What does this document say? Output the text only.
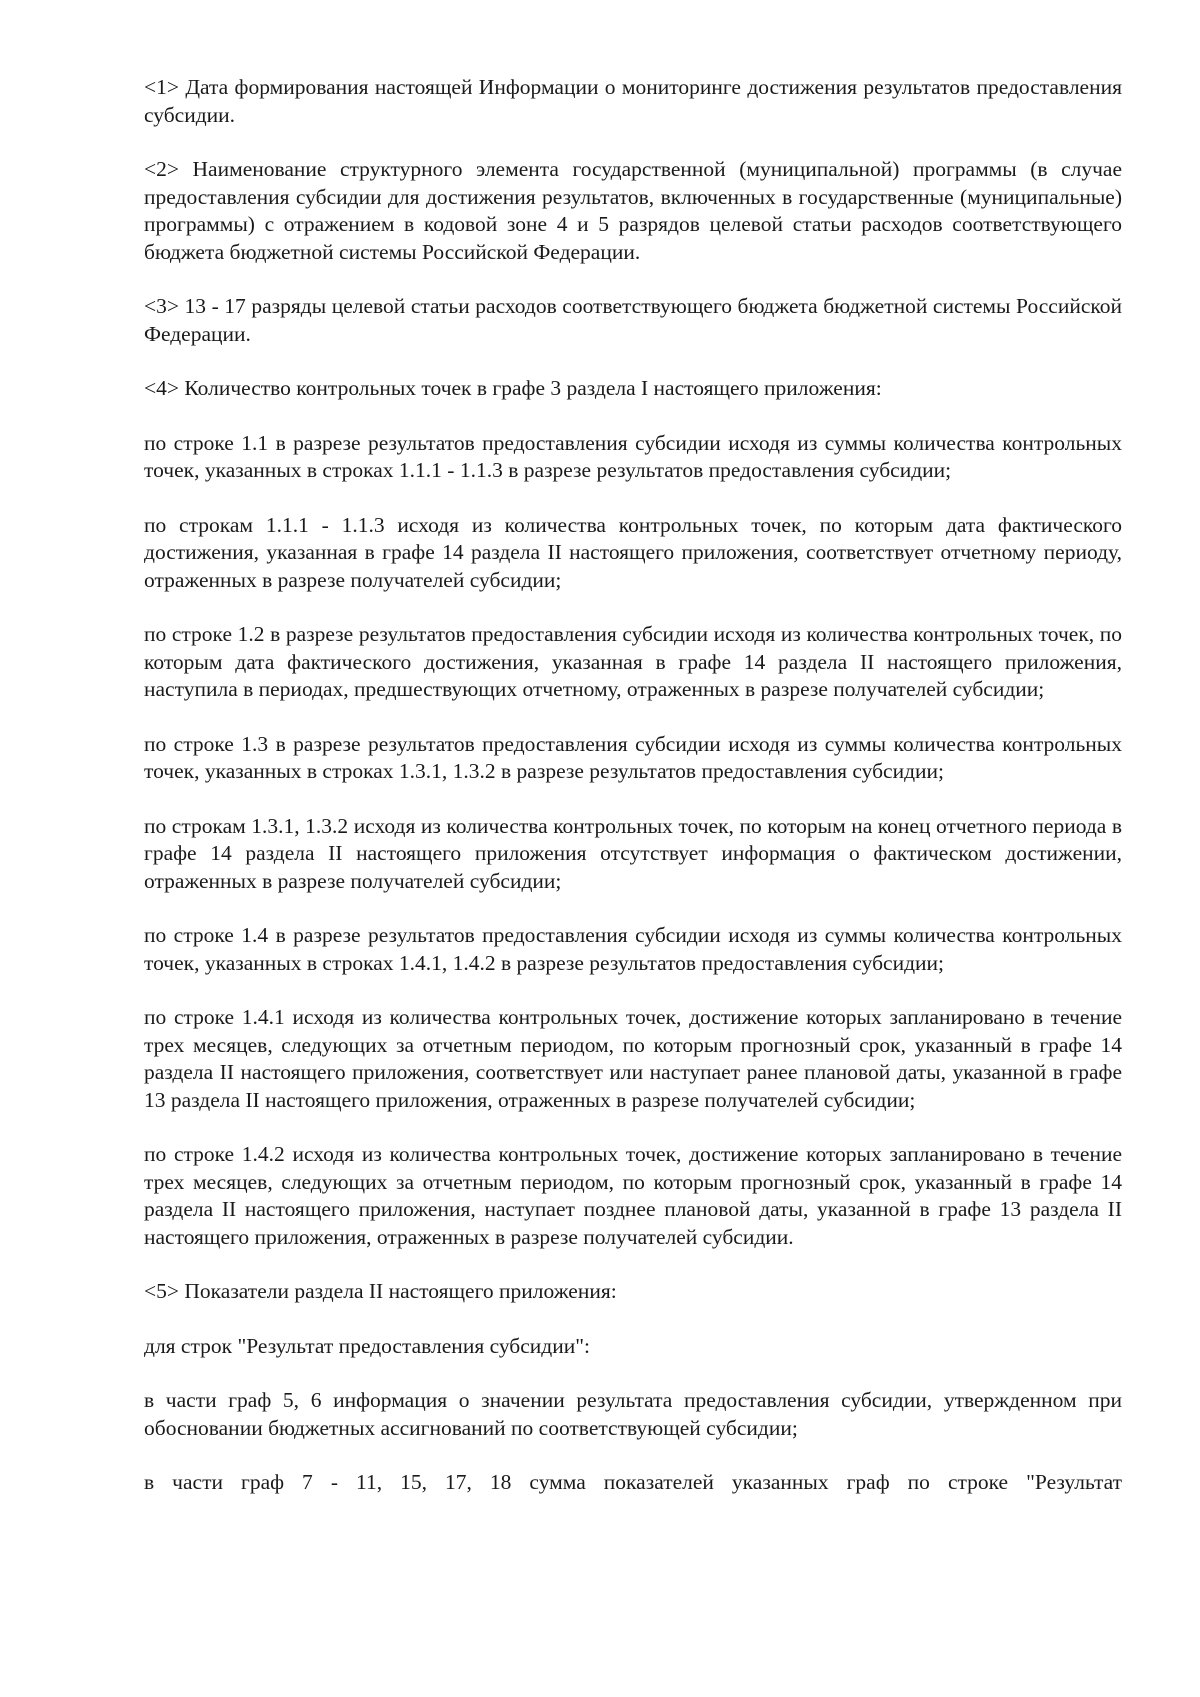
<1> Дата формирования настоящей Информации о мониторинге достижения результатов предоставления субсидии.

<2> Наименование структурного элемента государственной (муниципальной) программы (в случае предоставления субсидии для достижения результатов, включенных в государственные (муниципальные) программы) с отражением в кодовой зоне 4 и 5 разрядов целевой статьи расходов соответствующего бюджета бюджетной системы Российской Федерации.

<3> 13 - 17 разряды целевой статьи расходов соответствующего бюджета бюджетной системы Российской Федерации.

<4> Количество контрольных точек в графе 3 раздела I настоящего приложения:

по строке 1.1 в разрезе результатов предоставления субсидии исходя из суммы количества контрольных точек, указанных в строках 1.1.1 - 1.1.3 в разрезе результатов предоставления субсидии;

по строкам 1.1.1 - 1.1.3 исходя из количества контрольных точек, по которым дата фактического достижения, указанная в графе 14 раздела II настоящего приложения, соответствует отчетному периоду, отраженных в разрезе получателей субсидии;

по строке 1.2 в разрезе результатов предоставления субсидии исходя из количества контрольных точек, по которым дата фактического достижения, указанная в графе 14 раздела II настоящего приложения, наступила в периодах, предшествующих отчетному, отраженных в разрезе получателей субсидии;

по строке 1.3 в разрезе результатов предоставления субсидии исходя из суммы количества контрольных точек, указанных в строках 1.3.1, 1.3.2 в разрезе результатов предоставления субсидии;

по строкам 1.3.1, 1.3.2 исходя из количества контрольных точек, по которым на конец отчетного периода в графе 14 раздела II настоящего приложения отсутствует информация о фактическом достижении, отраженных в разрезе получателей субсидии;

по строке 1.4 в разрезе результатов предоставления субсидии исходя из суммы количества контрольных точек, указанных в строках 1.4.1, 1.4.2 в разрезе результатов предоставления субсидии;

по строке 1.4.1 исходя из количества контрольных точек, достижение которых запланировано в течение трех месяцев, следующих за отчетным периодом, по которым прогнозный срок, указанный в графе 14 раздела II настоящего приложения, соответствует или наступает ранее плановой даты, указанной в графе 13 раздела II настоящего приложения, отраженных в разрезе получателей субсидии;

по строке 1.4.2 исходя из количества контрольных точек, достижение которых запланировано в течение трех месяцев, следующих за отчетным периодом, по которым прогнозный срок, указанный в графе 14 раздела II настоящего приложения, наступает позднее плановой даты, указанной в графе 13 раздела II настоящего приложения, отраженных в разрезе получателей субсидии.

<5> Показатели раздела II настоящего приложения:

для строк "Результат предоставления субсидии":

в части граф 5, 6 информация о значении результата предоставления субсидии, утвержденном при обосновании бюджетных ассигнований по соответствующей субсидии;

в части граф 7 - 11, 15, 17, 18 сумма показателей указанных граф по строке "Результат
